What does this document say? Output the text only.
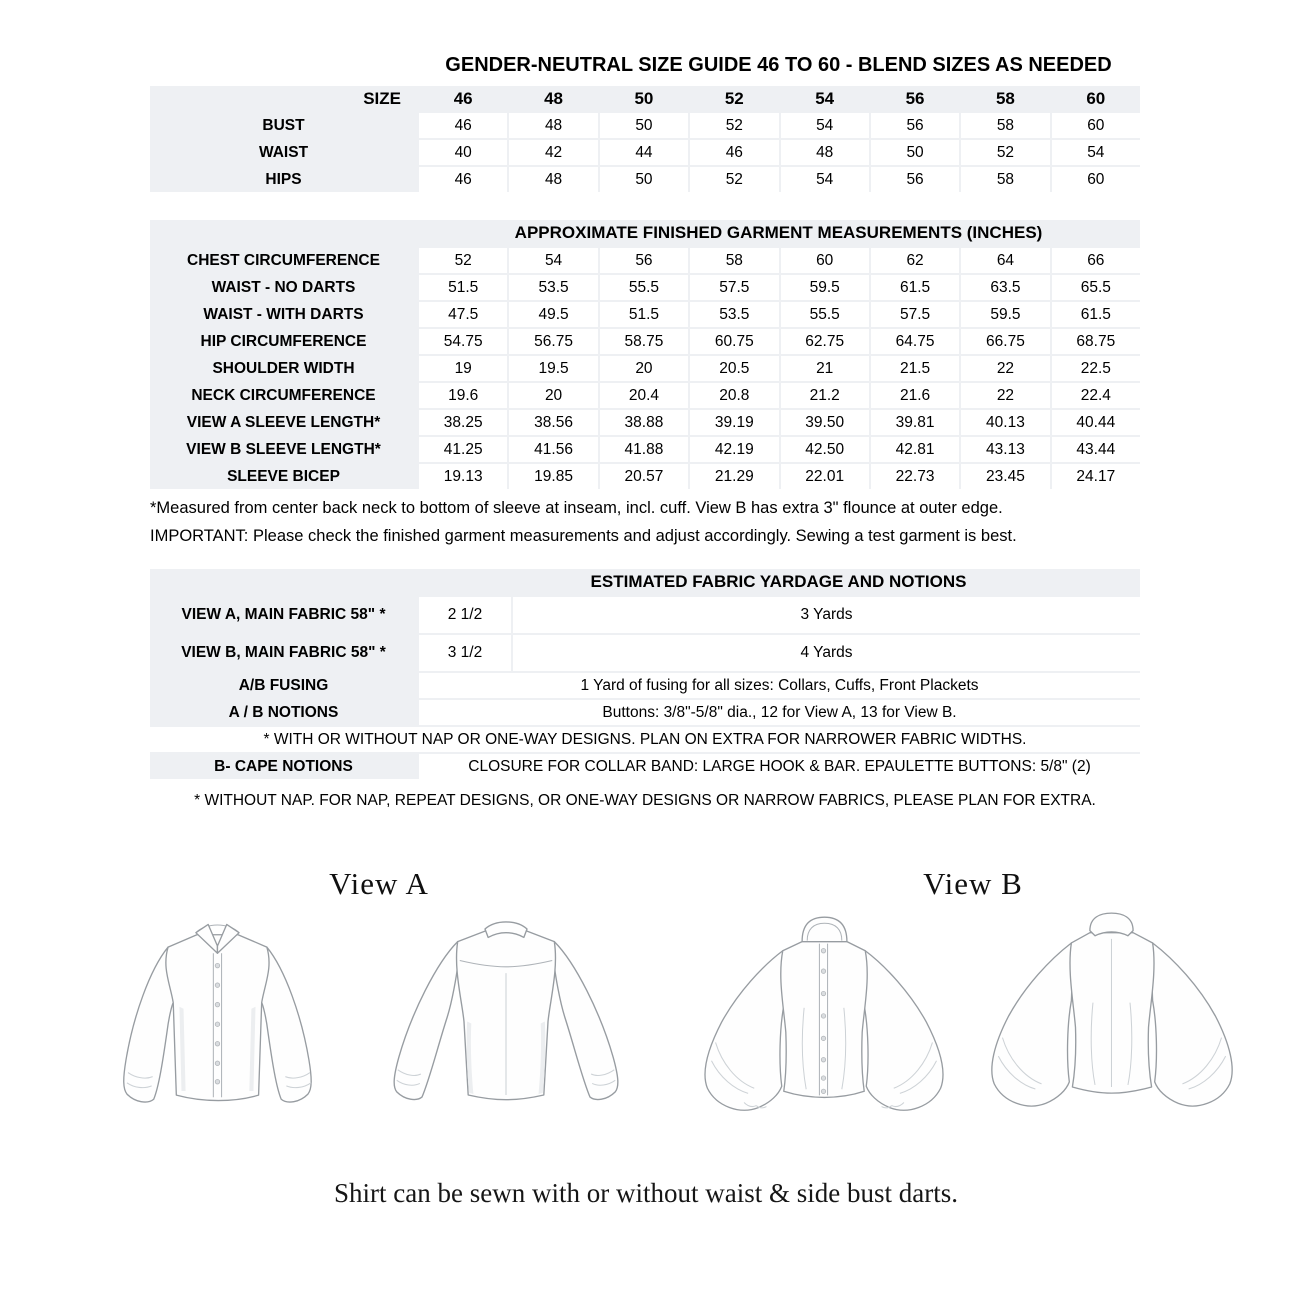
GENDER-NEUTRAL SIZE GUIDE 46 TO 60 - BLEND SIZES AS NEEDED
SIZE	46	48	50	52	54	56	58	60
BUST	46	48	50	52	54	56	58	60
WAIST	40	42	44	46	48	50	52	54
HIPS	46	48	50	52	54	56	58	60
APPROXIMATE FINISHED GARMENT MEASUREMENTS (INCHES)
CHEST CIRCUMFERENCE	52	54	56	58	60	62	64	66
WAIST - NO DARTS	51.5	53.5	55.5	57.5	59.5	61.5	63.5	65.5
WAIST - WITH DARTS	47.5	49.5	51.5	53.5	55.5	57.5	59.5	61.5
HIP CIRCUMFERENCE	54.75	56.75	58.75	60.75	62.75	64.75	66.75	68.75
SHOULDER WIDTH	19	19.5	20	20.5	21	21.5	22	22.5
NECK CIRCUMFERENCE	19.6	20	20.4	20.8	21.2	21.6	22	22.4
VIEW A SLEEVE LENGTH*	38.25	38.56	38.88	39.19	39.50	39.81	40.13	40.44
VIEW B SLEEVE LENGTH*	41.25	41.56	41.88	42.19	42.50	42.81	43.13	43.44
SLEEVE BICEP	19.13	19.85	20.57	21.29	22.01	22.73	23.45	24.17

*Measured from center back neck to bottom of sleeve at inseam, incl. cuff. View B has extra 3" flounce at outer edge.

IMPORTANT: Please check the finished garment measurements and adjust accordingly. Sewing a test garment is best.

ESTIMATED FABRIC YARDAGE AND NOTIONS
VIEW A, MAIN FABRIC 58" *	2 1/2	3 Yards
VIEW B, MAIN FABRIC 58" *	3 1/2	4 Yards
A/B FUSING	1 Yard of fusing for all sizes: Collars, Cuffs, Front Plackets
A / B NOTIONS	Buttons: 3/8"-5/8" dia., 12 for View A, 13 for View B.
* WITH OR WITHOUT NAP OR ONE-WAY DESIGNS. PLAN ON EXTRA FOR NARROWER FABRIC WIDTHS.
B- CAPE NOTIONS	CLOSURE FOR COLLAR BAND: LARGE HOOK & BAR. EPAULETTE BUTTONS: 5/8" (2)

* WITHOUT NAP. FOR NAP, REPEAT DESIGNS, OR ONE-WAY DESIGNS OR NARROW FABRICS, PLEASE PLAN FOR EXTRA.

View A	View B

Shirt can be sewn with or without waist & side bust darts.
